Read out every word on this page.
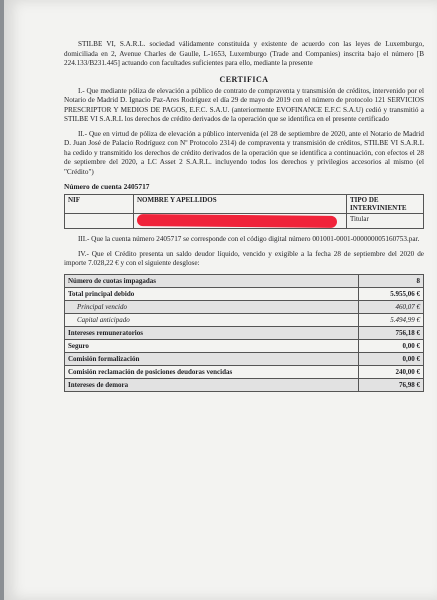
STILBE VI, S.A.R.L. sociedad válidamente constituida y existente de acuerdo con las leyes de Luxemburgo, domiciliada en 2, Avenue Charles de Gaulle, L-1653, Luxemburgo (Trade and Companies) inscrita bajo el número [B 224.133/B231.445] actuando con facultades suficientes para ello, mediante la presente

CERTIFICA

I.- Que mediante póliza de elevación a público de contrato de compraventa y transmisión de créditos, intervenido por el Notario de Madrid D. Ignacio Paz-Ares Rodríguez el día 29 de mayo de 2019 con el número de protocolo 121 SERVICIOS PRESCRIPTOR Y MEDIOS DE PAGOS, E.F.C. S.A.U. (anteriormente EVOFINANCE E.F.C S.A.U) cedió y transmitió a STILBE VI S.A.R.L los derechos de crédito derivados de la operación que se identifica en el presente certificado

II.- Que en virtud de póliza de elevación a público intervenida (el 28 de septiembre de 2020, ante el Notario de Madrid D. Juan José de Palacio Rodríguez con Nº Protocolo 2314) de compraventa y transmisión de créditos, STILBE VI S.A.R.L ha cedido y transmitido los derechos de crédito derivados de la operación que se identifica a continuación, con efectos el 28 de septiembre del 2020, a LC Asset 2 S.A.R.L. incluyendo todos los derechos y privilegios accesorios al mismo (el "Crédito")

Número de cuenta 2405717
NIF	NOMBRE Y APELLIDOS	TIPO DE INTERVINIENTE
		Titular

III.- Que la cuenta número 2405717 se corresponde con el código digital número 001001-0001-000000005160753.par.

IV.- Que el Crédito presenta un saldo deudor líquido, vencido y exigible a la fecha 28 de septiembre del 2020 de importe 7.028,22 € y con el siguiente desglose:

Número de cuotas impagadas	8
Total principal debido	5.955,06 €
Principal vencido	460,07 €
Capital anticipado	5.494,99 €
Intereses remuneratorios	756,18 €
Seguro	0,00 €
Comisión formalización	0,00 €
Comisión reclamación de posiciones deudoras vencidas	240,00 €
Intereses de demora	76,98 €
